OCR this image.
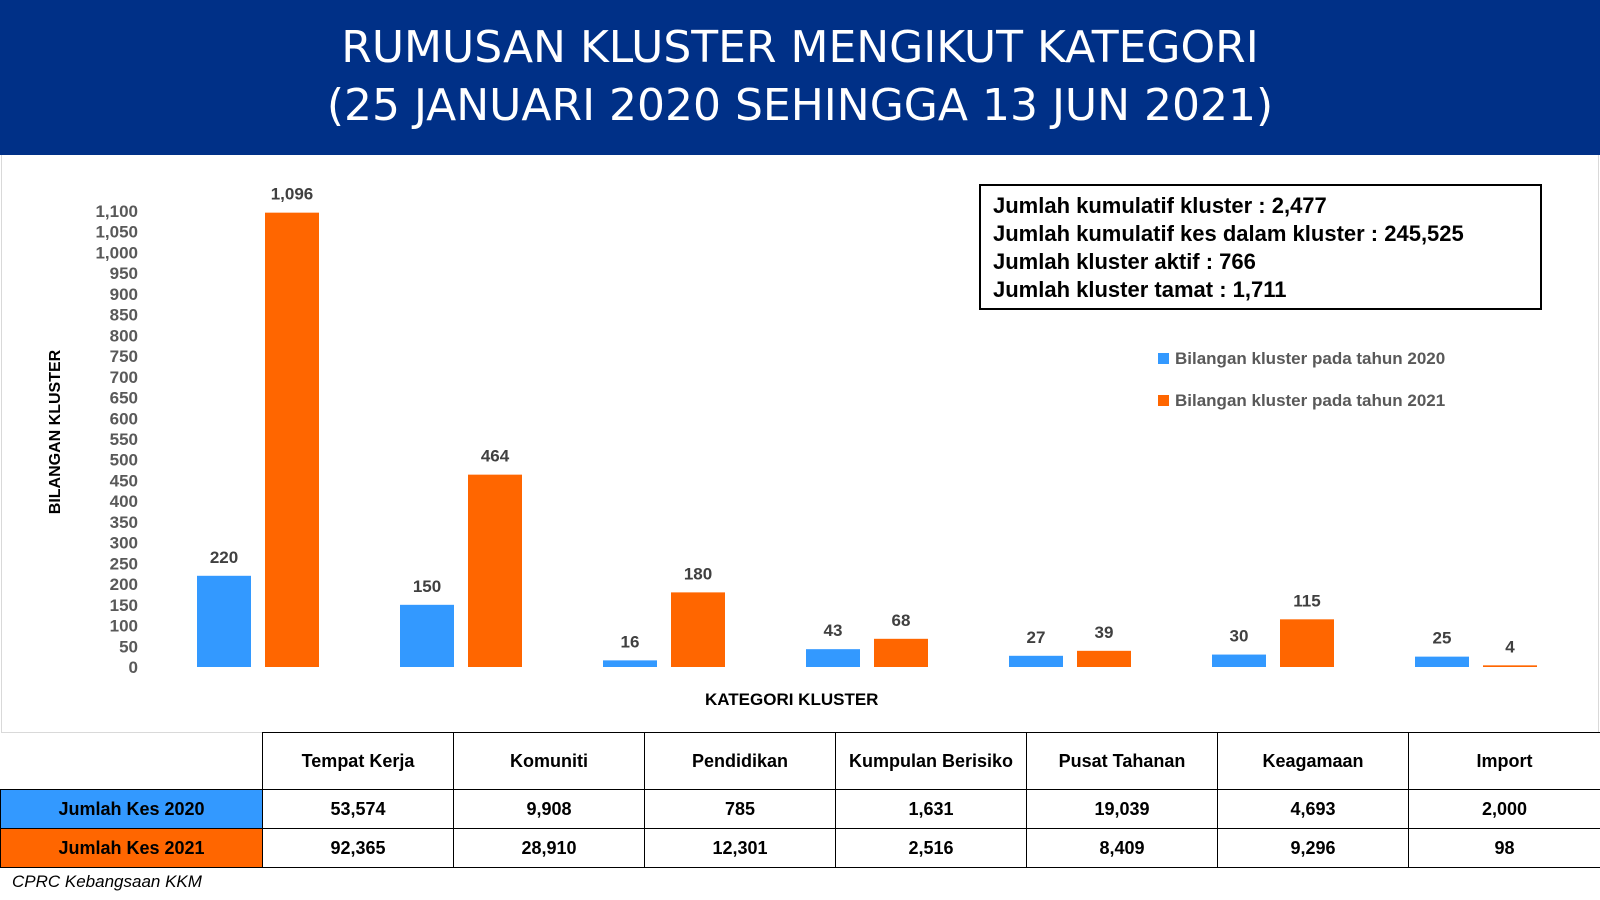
RUMUSAN KLUSTER MENGIKUT KATEGORI
(25 JANUARI 2020 SEHINGGA 13 JUN 2021)
0
50
100
150
200
250
300
350
400
450
500
550
600
650
700
750
800
850
900
950
1,000
1,050
1,100
220
1,096
150
464
16
180
43
68
27	39	30
115
25	4
BILANGAN KLUSTER
KATEGORI KLUSTER
Jumlah kumulatif kluster : 2,477
Jumlah kumulatif kes dalam kluster : 245,525
Jumlah kluster aktif : 766
Jumlah kluster tamat : 1,711
Bilangan kluster pada tahun 2020
Bilangan kluster pada tahun 2021
	Tempat Kerja	Komuniti	Pendidikan	Kumpulan Berisiko	Pusat Tahanan	Keagamaan	Import
Jumlah Kes 2020	53,574	9,908	785	1,631	19,039	4,693	2,000
Jumlah Kes 2021	92,365	28,910	12,301	2,516	8,409	9,296	98
CPRC Kebangsaan KKM
